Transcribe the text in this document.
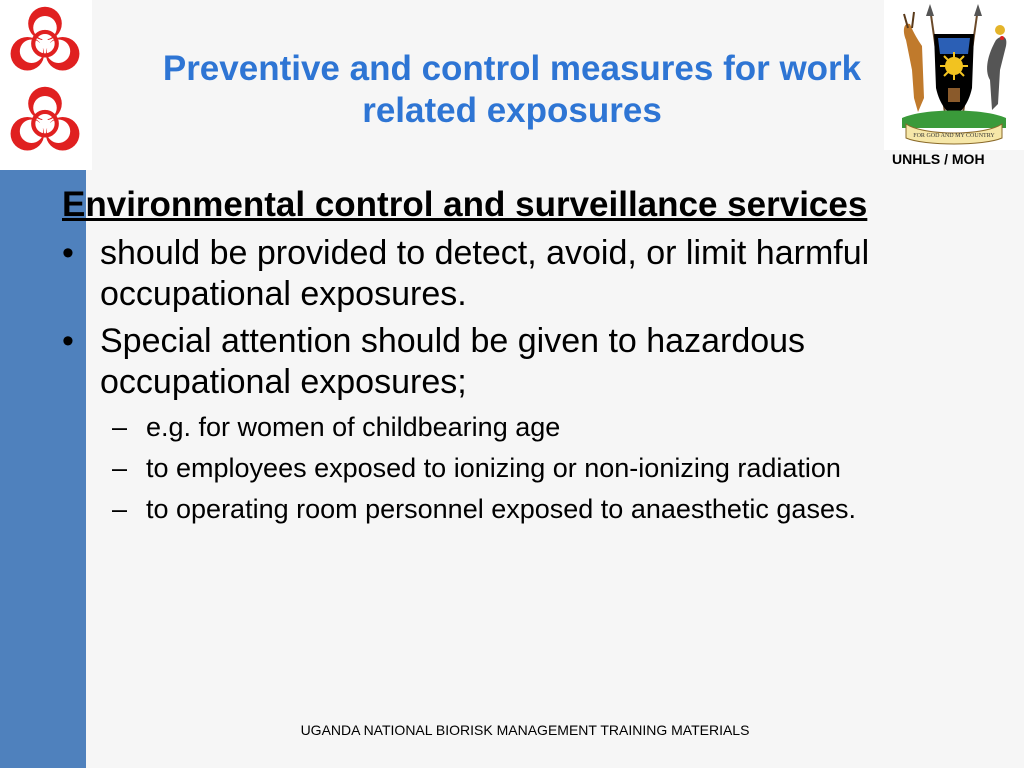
Preventive and control measures for work
related exposures
FOR GOD AND MY COUNTRY
UNHLS / MOH
Environmental control and surveillance services
• should be provided to detect, avoid, or limit harmful
occupational exposures.
• Special attention should be given to hazardous
occupational exposures;
– e.g. for women of childbearing age
– to employees exposed to ionizing or non-ionizing radiation
– to operating room personnel exposed to anaesthetic gases.
UGANDA NATIONAL BIORISK MANAGEMENT TRAINING MATERIALS
